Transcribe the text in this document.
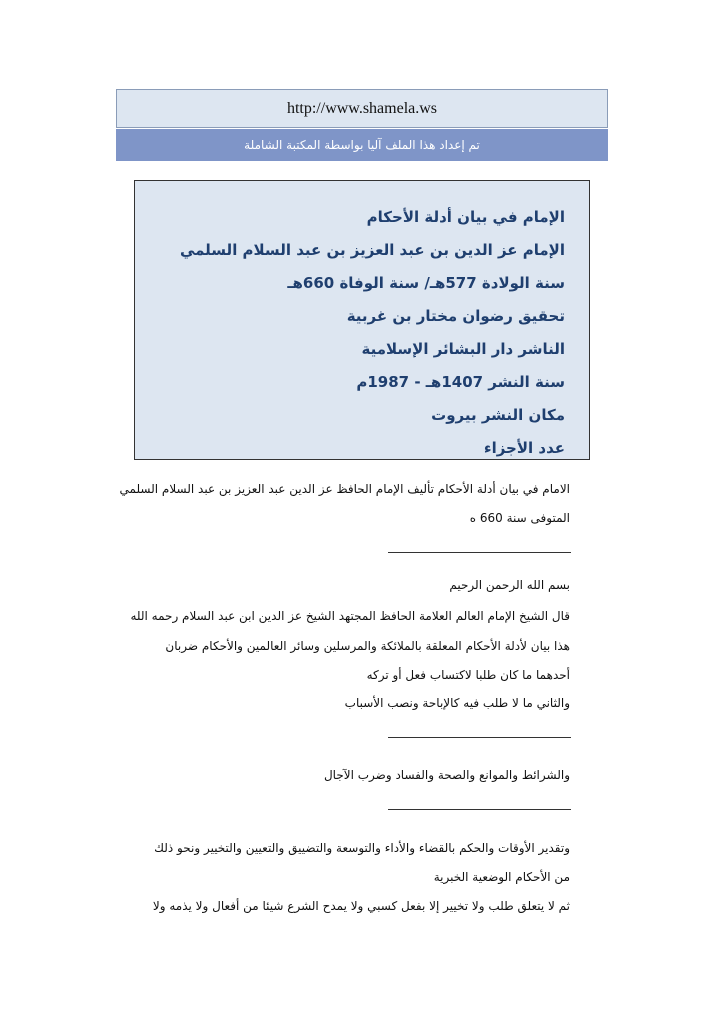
http://www.shamela.ws
تم إعداد هذا الملف آليا بواسطة المكتبة الشاملة
الإمام في بيان أدلة الأحكام
الإمام عز الدين بن عبد العزيز بن عبد السلام السلمي
سنة الولادة 577هـ/ سنة الوفاة 660هـ
تحقيق رضوان مختار بن غربية
الناشر دار البشائر الإسلامية
سنة النشر 1407هـ - 1987م
مكان النشر بيروت
عدد الأجزاء
الامام في بيان أدلة الأحكام تأليف الإمام الحافظ عز الدين عبد العزيز بن عبد السلام السلمي
المتوفى سنة 660 ه
بسم الله الرحمن الرحيم
قال الشيخ الإمام العالم العلامة الحافظ المجتهد الشيخ عز الدين ابن عبد السلام رحمه الله
هذا بيان لأدلة الأحكام المعلقة بالملائكة والمرسلين وسائر العالمين والأحكام ضربان
أحدهما ما كان طلبا لاكتساب فعل أو تركه
والثاني ما لا طلب فيه كالإباحة ونصب الأسباب
والشرائط والموانع والصحة والفساد وضرب الآجال
وتقدير الأوقات والحكم بالقضاء والأداء والتوسعة والتضييق والتعيين والتخيير ونحو ذلك
من الأحكام الوضعية الخبرية
ثم لا يتعلق طلب ولا تخيير إلا بفعل كسبي ولا يمدح الشرع شيئا من أفعال ولا يذمه ولا
